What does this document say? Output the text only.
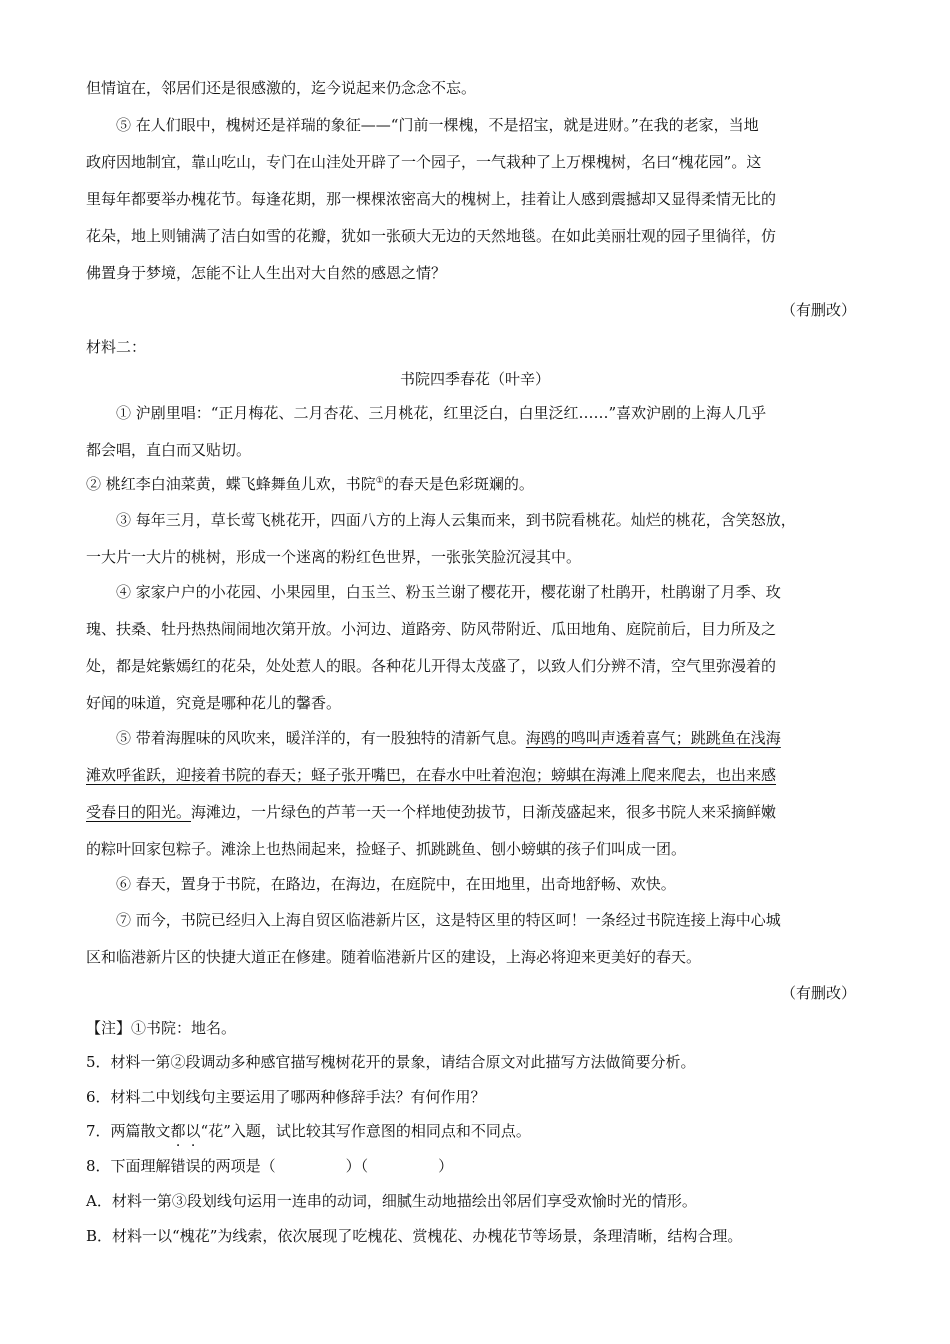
但情谊在，邻居们还是很感激的，迄今说起来仍念念不忘。
⑤ 在人们眼中，槐树还是祥瑞的象征——“门前一棵槐，不是招宝，就是进财。”在我的老家，当地
政府因地制宜，靠山吃山，专门在山洼处开辟了一个园子，一气栽种了上万棵槐树，名曰“槐花园”。这
里每年都要举办槐花节。每逢花期，那一棵棵浓密高大的槐树上，挂着让人感到震撼却又显得柔情无比的
花朵，地上则铺满了洁白如雪的花瓣，犹如一张硕大无边的天然地毯。在如此美丽壮观的园子里徜徉，仿
佛置身于梦境，怎能不让人生出对大自然的感恩之情？
（有删改）
材料二：
书院四季春花（叶辛）
① 沪剧里唱：“正月梅花、二月杏花、三月桃花，红里泛白，白里泛红……”喜欢沪剧的上海人几乎
都会唱，直白而又贴切。
② 桃红李白油菜黄，蝶飞蜂舞鱼儿欢，书院①的春天是色彩斑斓的。
③ 每年三月，草长莺飞桃花开，四面八方的上海人云集而来，到书院看桃花。灿烂的桃花，含笑怒放，
一大片一大片的桃树，形成一个迷离的粉红色世界，一张张笑脸沉浸其中。
④ 家家户户的小花园、小果园里，白玉兰、粉玉兰谢了樱花开，樱花谢了杜鹃开，杜鹃谢了月季、玫
瑰、扶桑、牡丹热热闹闹地次第开放。小河边、道路旁、防风带附近、瓜田地角、庭院前后，目力所及之
处，都是姹紫嫣红的花朵，处处惹人的眼。各种花儿开得太茂盛了，以致人们分辨不清，空气里弥漫着的
好闻的味道，究竟是哪种花儿的馨香。
⑤ 带着海腥味的风吹来，暖洋洋的，有一股独特的清新气息。海鸥的鸣叫声透着喜气；跳跳鱼在浅海
滩欢呼雀跃，迎接着书院的春天；蛏子张开嘴巴，在春水中吐着泡泡；螃蜞在海滩上爬来爬去，也出来感
受春日的阳光。海滩边，一片绿色的芦苇一天一个样地使劲拔节，日渐茂盛起来，很多书院人来采摘鲜嫩
的粽叶回家包粽子。滩涂上也热闹起来，捡蛏子、抓跳跳鱼、刨小螃蜞的孩子们叫成一团。
⑥ 春天，置身于书院，在路边，在海边，在庭院中，在田地里，出奇地舒畅、欢快。
⑦ 而今，书院已经归入上海自贸区临港新片区，这是特区里的特区呵！一条经过书院连接上海中心城
区和临港新片区的快捷大道正在修建。随着临港新片区的建设，上海必将迎来更美好的春天。
（有删改）
【注】①书院：地名。
5．材料一第②段调动多种感官描写槐树花开的景象，请结合原文对此描写方法做简要分析。
6．材料二中划线句主要运用了哪两种修辞手法？有何作用？
7．两篇散文都以“花”入题，试比较其写作意图的相同点和不同点。
8．下面理解错误的两项是（	）（	）
A．材料一第③段划线句运用一连串的动词，细腻生动地描绘出邻居们享受欢愉时光的情形。
B．材料一以“槐花”为线索，依次展现了吃槐花、赏槐花、办槐花节等场景，条理清晰，结构合理。
